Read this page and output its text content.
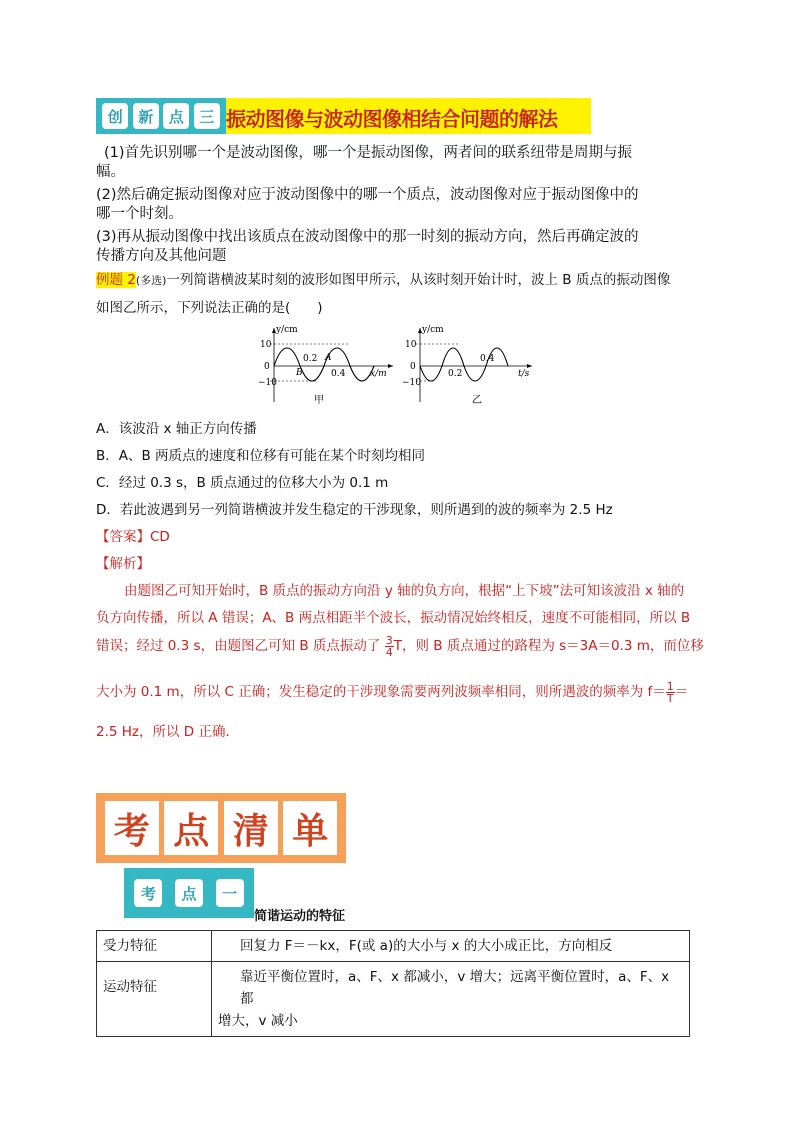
创	新	点	三 振动图像与波动图像相结合问题的解法
(1)首先识别哪一个是波动图像，哪一个是振动图像，两者间的联系纽带是周期与振
幅。
(2)然后确定振动图像对应于波动图像中的哪一个质点，波动图像对应于振动图像中的
哪一个时刻。
(3)再从振动图像中找出该质点在波动图像中的那一时刻的振动方向，然后再确定波的
传播方向及其他问题
例题 2(多选)一列简谐横波某时刻的波形如图甲所示，从该时刻开始计时，波上 B 质点的振动图像
如图乙所示，下列说法正确的是(　　)
10
0
−10
y/cm
x/m
0.2
0.4
A
B
甲
10
0
−10
y/cm
t/s
0.2
0.4
乙
A．该波沿 x 轴正方向传播
B．A、B 两质点的速度和位移有可能在某个时刻均相同
C．经过 0.3 s，B 质点通过的位移大小为 0.1 m
D．若此波遇到另一列简谐横波并发生稳定的干涉现象，则所遇到的波的频率为 2.5 Hz
【答案】CD
【解析】
由题图乙可知开始时，B 质点的振动方向沿 y 轴的负方向，根据“上下坡”法可知该波沿 x 轴的
负方向传播，所以 A 错误；A、B 两点相距半个波长，振动情况始终相反，速度不可能相同，所以 B
错误；经过 0.3 s，由题图乙可知 B 质点振动了 $\frac{3}{4}$ T，则 B 质点通过的路程为 s＝3A＝0.3 m，而位移
大小为 0.1 m，所以 C 正确；发生稳定的干涉现象需要两列波频率相同，则所遇波的频率为 $f= \frac{1}{T}$ ＝
2.5 Hz，所以 D 正确．
考 点 清 单
考	点	一
简谐运动的特征
受力特征	回复力 F＝－kx，F(或 a)的大小与 x 的大小成正比，方向相反
运动特征	靠近平衡位置时，a、F、x 都减小，v 增大；远离平衡位置时，a、F、x 都
增大，v 减小
